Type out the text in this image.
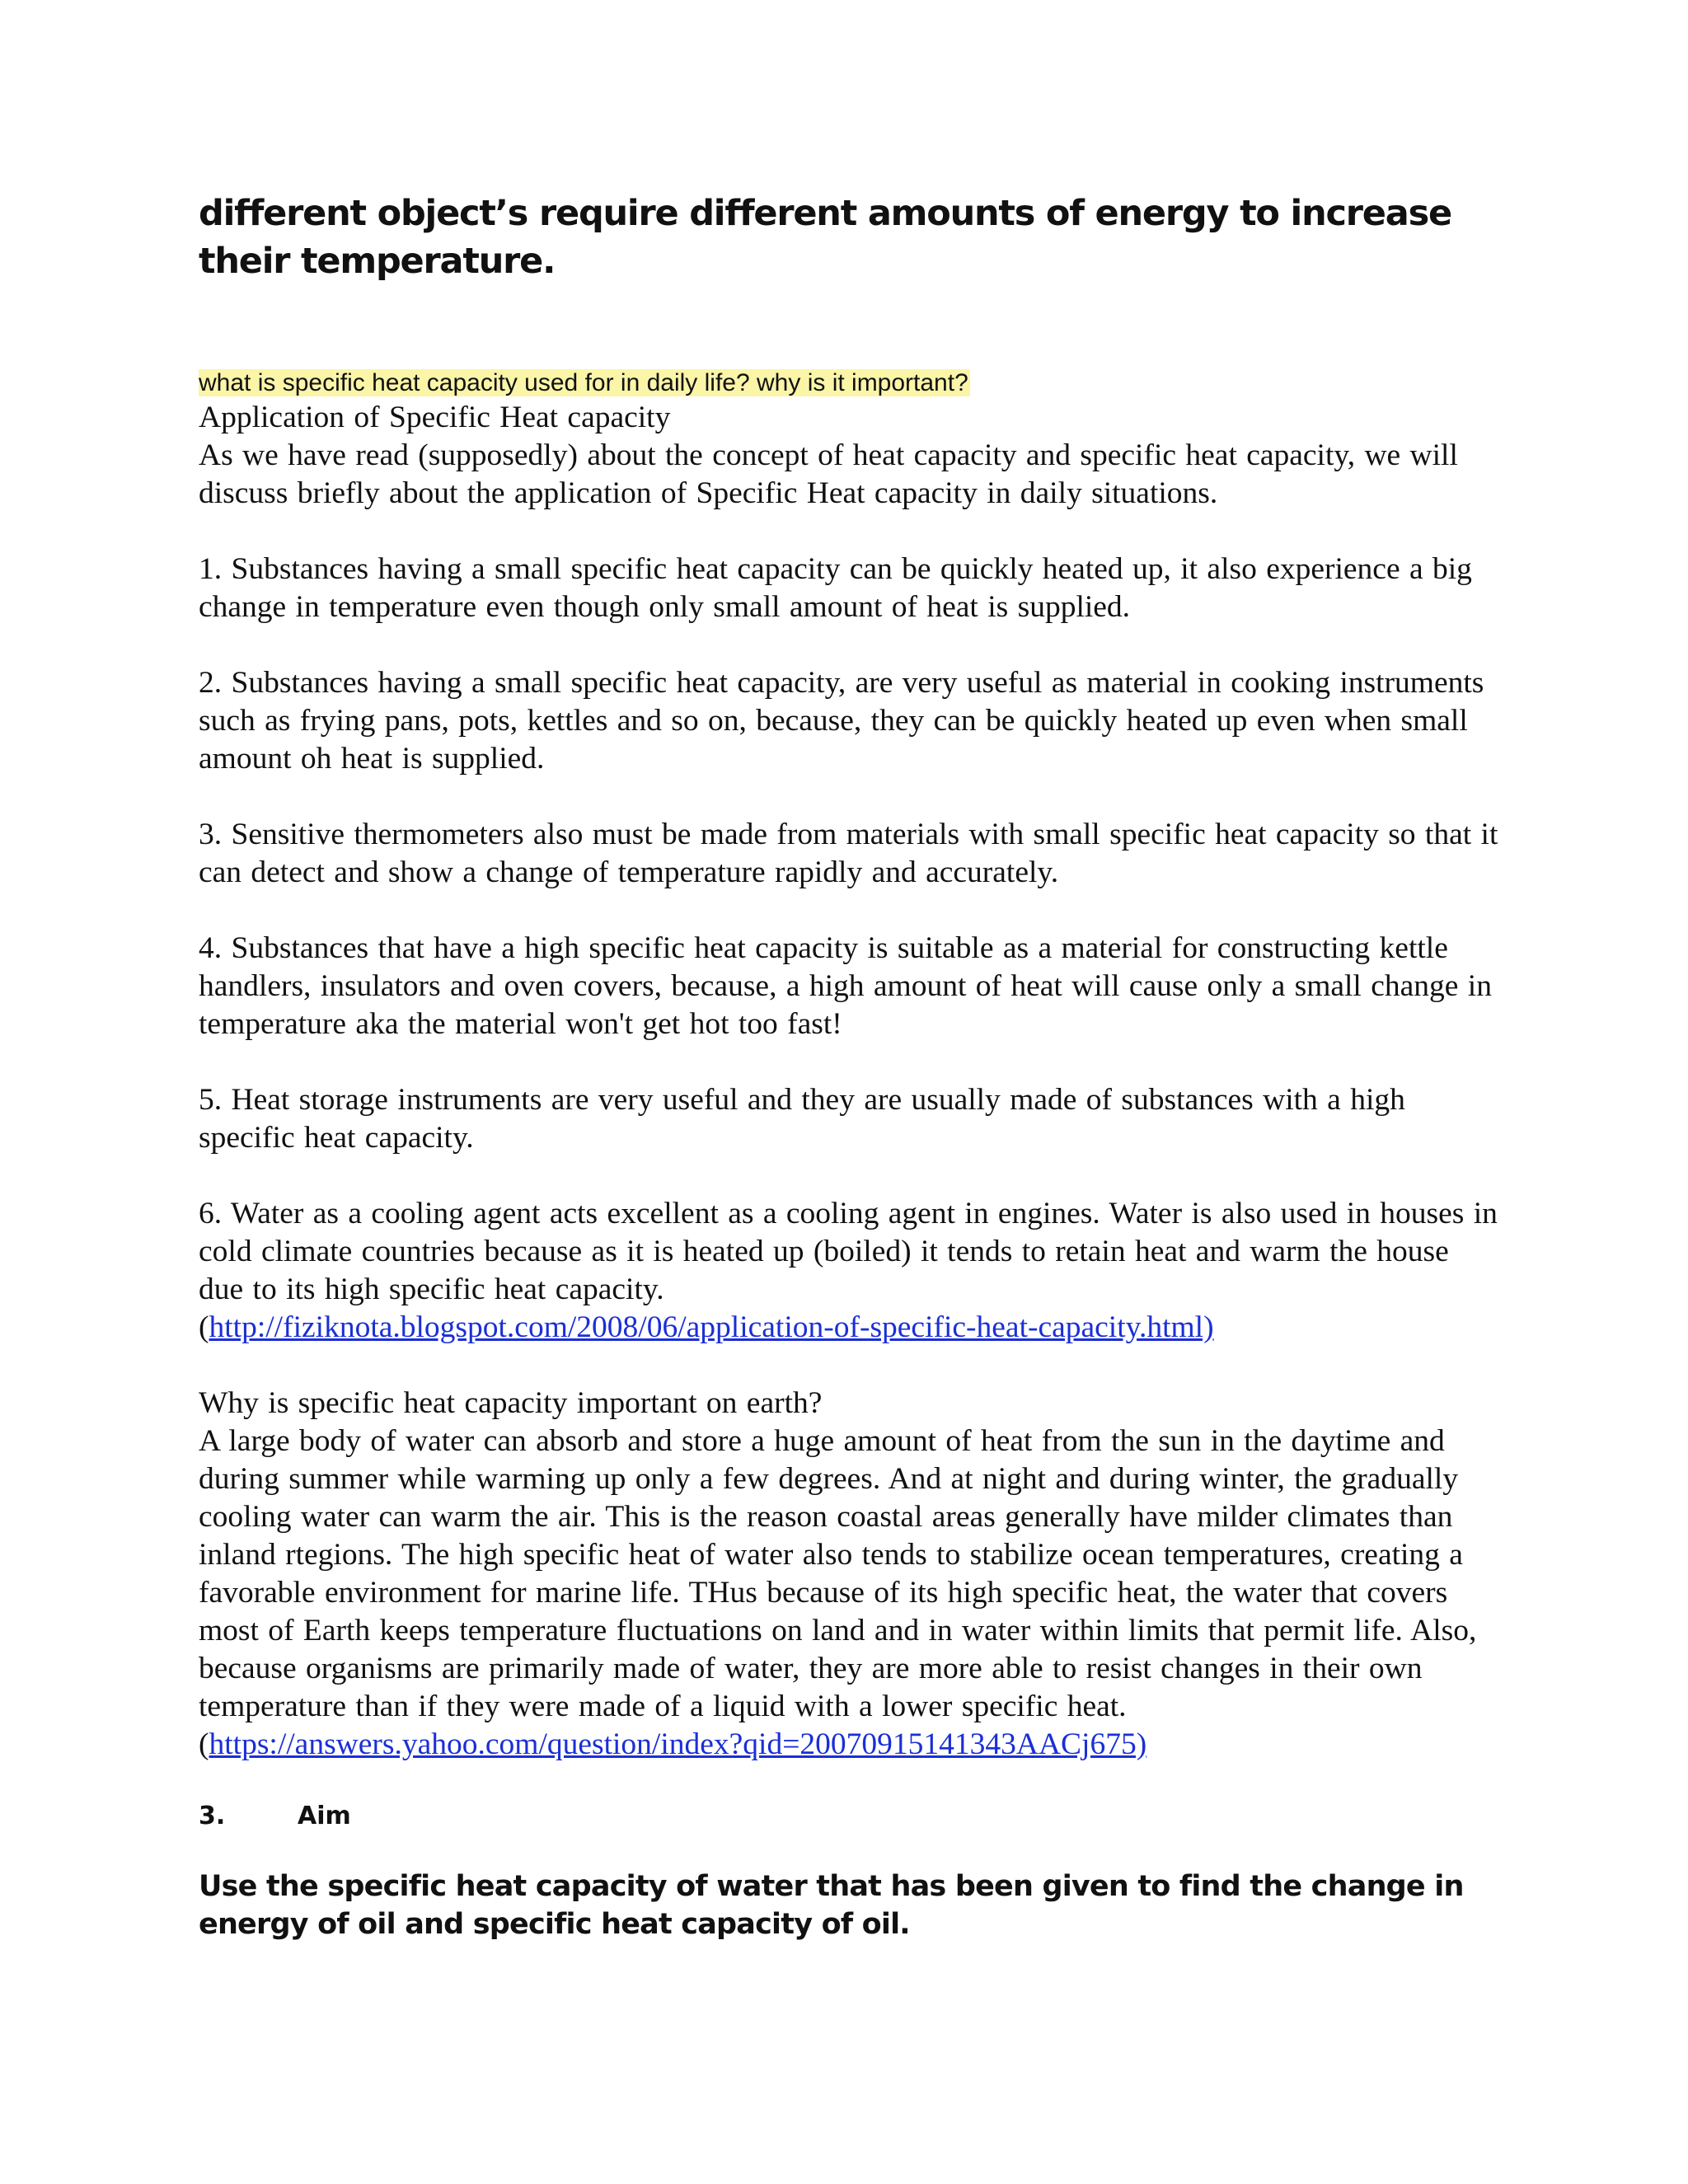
different object’s require different amounts of energy to increase their temperature.
what is specific heat capacity used for in daily life? why is it important?

Application of Specific Heat capacity

As we have read (supposedly) about the concept of heat capacity and specific heat capacity, we will discuss briefly about the application of Specific Heat capacity in daily situations.

1. Substances having a small specific heat capacity can be quickly heated up, it also experience a big change in temperature even though only small amount of heat is supplied.

2. Substances having a small specific heat capacity, are very useful as material in cooking instruments such as frying pans, pots, kettles and so on, because, they can be quickly heated up even when small amount oh heat is supplied.

3. Sensitive thermometers also must be made from materials with small specific heat capacity so that it can detect and show a change of temperature rapidly and accurately.

4. Substances that have a high specific heat capacity is suitable as a material for constructing kettle handlers, insulators and oven covers, because, a high amount of heat will cause only a small change in temperature aka the material won't get hot too fast!

5. Heat storage instruments are very useful and they are usually made of substances with a high specific heat capacity.

6. Water as a cooling agent acts excellent as a cooling agent in engines. Water is also used in houses in cold climate countries because as it is heated up (boiled) it tends to retain heat and warm the house due to its high specific heat capacity.

(http://fiziknota.blogspot.com/2008/06/application-of-specific-heat-capacity.html)

Why is specific heat capacity important on earth?

A large body of water can absorb and store a huge amount of heat from the sun in the daytime and during summer while warming up only a few degrees. And at night and during winter, the gradually cooling water can warm the air. This is the reason coastal areas generally have milder climates than inland rtegions. The high specific heat of water also tends to stabilize ocean temperatures, creating a favorable environment for marine life. THus because of its high specific heat, the water that covers most of Earth keeps temperature fluctuations on land and in water within limits that permit life. Also, because organisms are primarily made of water, they are more able to resist changes in their own temperature than if they were made of a liquid with a lower specific heat. (https://answers.yahoo.com/question/index?qid=20070915141343AACj675)

3.	Aim
Use the specific heat capacity of water that has been given to find the change in energy of oil and specific heat capacity of oil.
